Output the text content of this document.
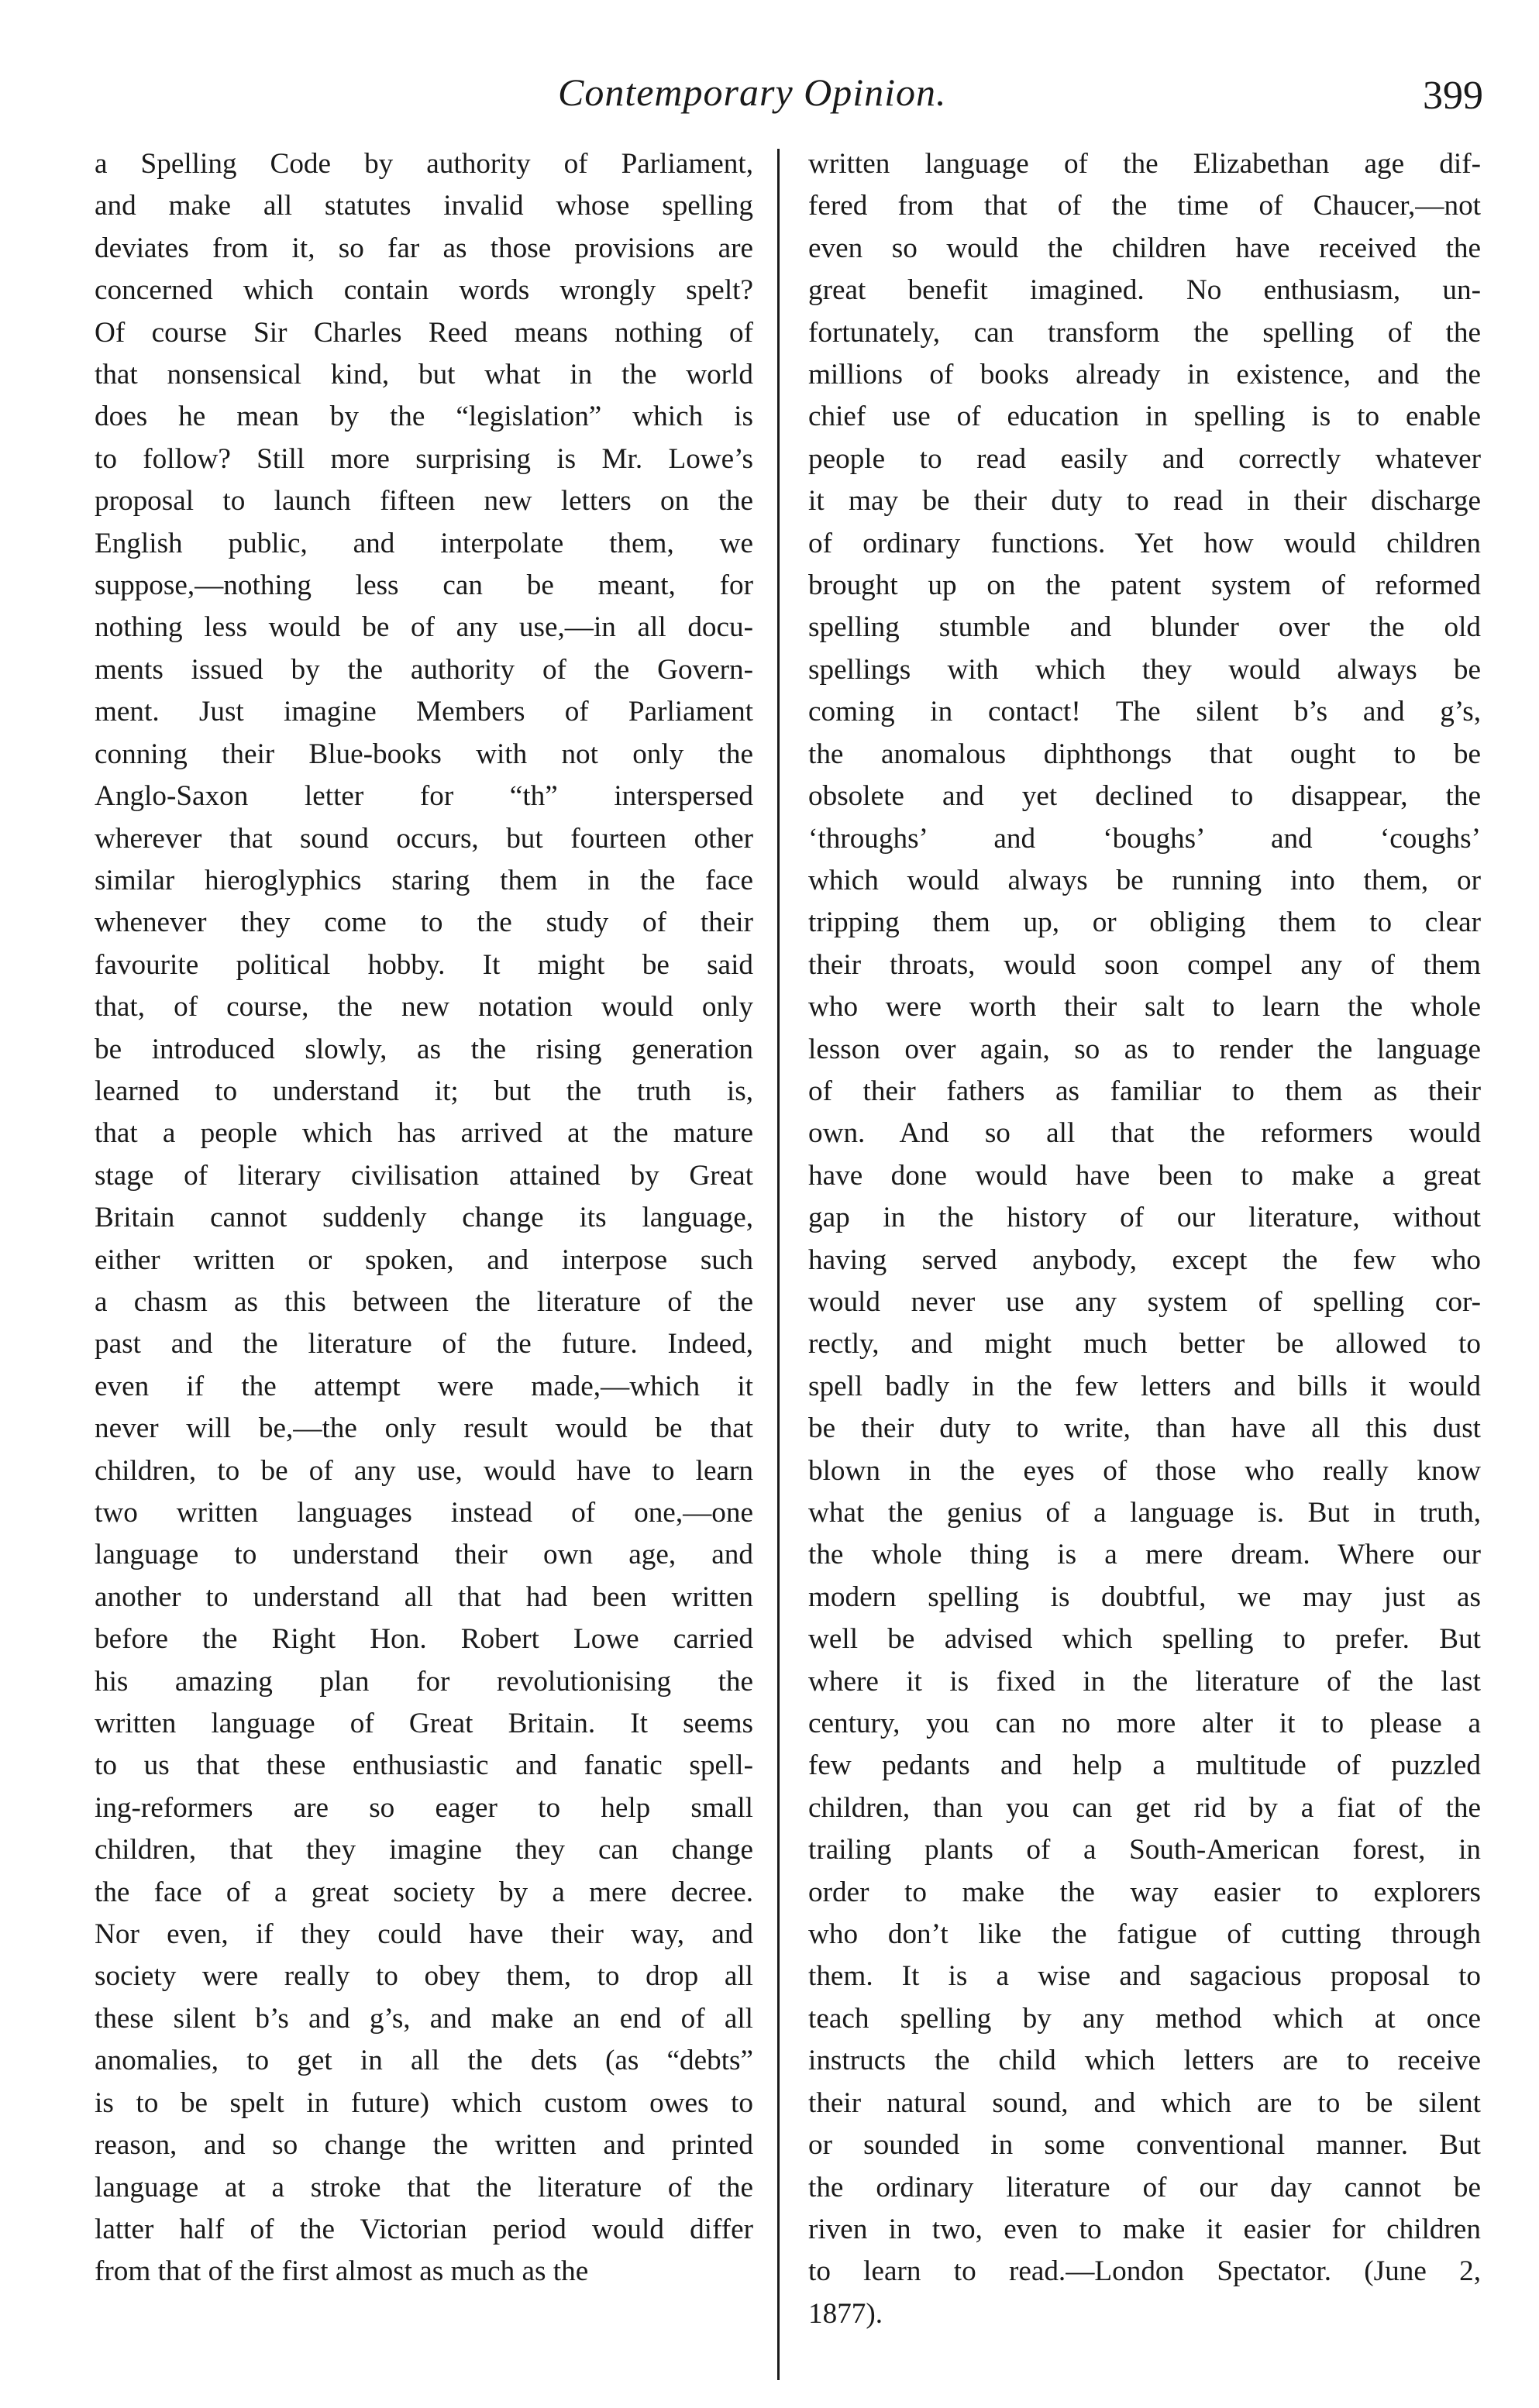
Contemporary Opinion.	399
a Spelling Code by authority of Parliament,
and make all statutes invalid whose spelling
deviates from it, so far as those provisions are
concerned which contain words wrongly spelt?
Of course Sir Charles Reed means nothing of
that nonsensical kind, but what in the world
does he mean by the “legislation” which is
to follow? Still more surprising is Mr. Lowe’s
proposal to launch fifteen new letters on the
English public, and interpolate them, we
suppose,—nothing less can be meant, for
nothing less would be of any use,—in all docu-
ments issued by the authority of the Govern-
ment. Just imagine Members of Parliament
conning their Blue-books with not only the
Anglo-Saxon letter for “th” interspersed
wherever that sound occurs, but fourteen other
similar hieroglyphics staring them in the face
whenever they come to the study of their
favourite political hobby. It might be said
that, of course, the new notation would only
be introduced slowly, as the rising generation
learned to understand it; but the truth is,
that a people which has arrived at the mature
stage of literary civilisation attained by Great
Britain cannot suddenly change its language,
either written or spoken, and interpose such
a chasm as this between the literature of the
past and the literature of the future. Indeed,
even if the attempt were made,—which it
never will be,—the only result would be that
children, to be of any use, would have to learn
two written languages instead of one,—one
language to understand their own age, and
another to understand all that had been written
before the Right Hon. Robert Lowe carried
his amazing plan for revolutionising the
written language of Great Britain. It seems
to us that these enthusiastic and fanatic spell-
ing-reformers are so eager to help small
children, that they imagine they can change
the face of a great society by a mere decree.
Nor even, if they could have their way, and
society were really to obey them, to drop all
these silent b’s and g’s, and make an end of all
anomalies, to get in all the dets (as “debts”
is to be spelt in future) which custom owes to
reason, and so change the written and printed
language at a stroke that the literature of the
latter half of the Victorian period would differ
from that of the first almost as much as the
written language of the Elizabethan age dif-
fered from that of the time of Chaucer,—not
even so would the children have received the
great benefit imagined. No enthusiasm, un-
fortunately, can transform the spelling of the
millions of books already in existence, and the
chief use of education in spelling is to enable
people to read easily and correctly whatever
it may be their duty to read in their discharge
of ordinary functions. Yet how would children
brought up on the patent system of reformed
spelling stumble and blunder over the old
spellings with which they would always be
coming in contact! The silent b’s and g’s,
the anomalous diphthongs that ought to be
obsolete and yet declined to disappear, the
‘throughs’ and ‘boughs’ and ‘coughs’
which would always be running into them, or
tripping them up, or obliging them to clear
their throats, would soon compel any of them
who were worth their salt to learn the whole
lesson over again, so as to render the language
of their fathers as familiar to them as their
own. And so all that the reformers would
have done would have been to make a great
gap in the history of our literature, without
having served anybody, except the few who
would never use any system of spelling cor-
rectly, and might much better be allowed to
spell badly in the few letters and bills it would
be their duty to write, than have all this dust
blown in the eyes of those who really know
what the genius of a language is. But in truth,
the whole thing is a mere dream. Where our
modern spelling is doubtful, we may just as
well be advised which spelling to prefer. But
where it is fixed in the literature of the last
century, you can no more alter it to please a
few pedants and help a multitude of puzzled
children, than you can get rid by a fiat of the
trailing plants of a South-American forest, in
order to make the way easier to explorers
who don’t like the fatigue of cutting through
them. It is a wise and sagacious proposal to
teach spelling by any method which at once
instructs the child which letters are to receive
their natural sound, and which are to be silent
or sounded in some conventional manner. But
the ordinary literature of our day cannot be
riven in two, even to make it easier for children
to learn to read.—London Spectator. (June 2,
1877).
